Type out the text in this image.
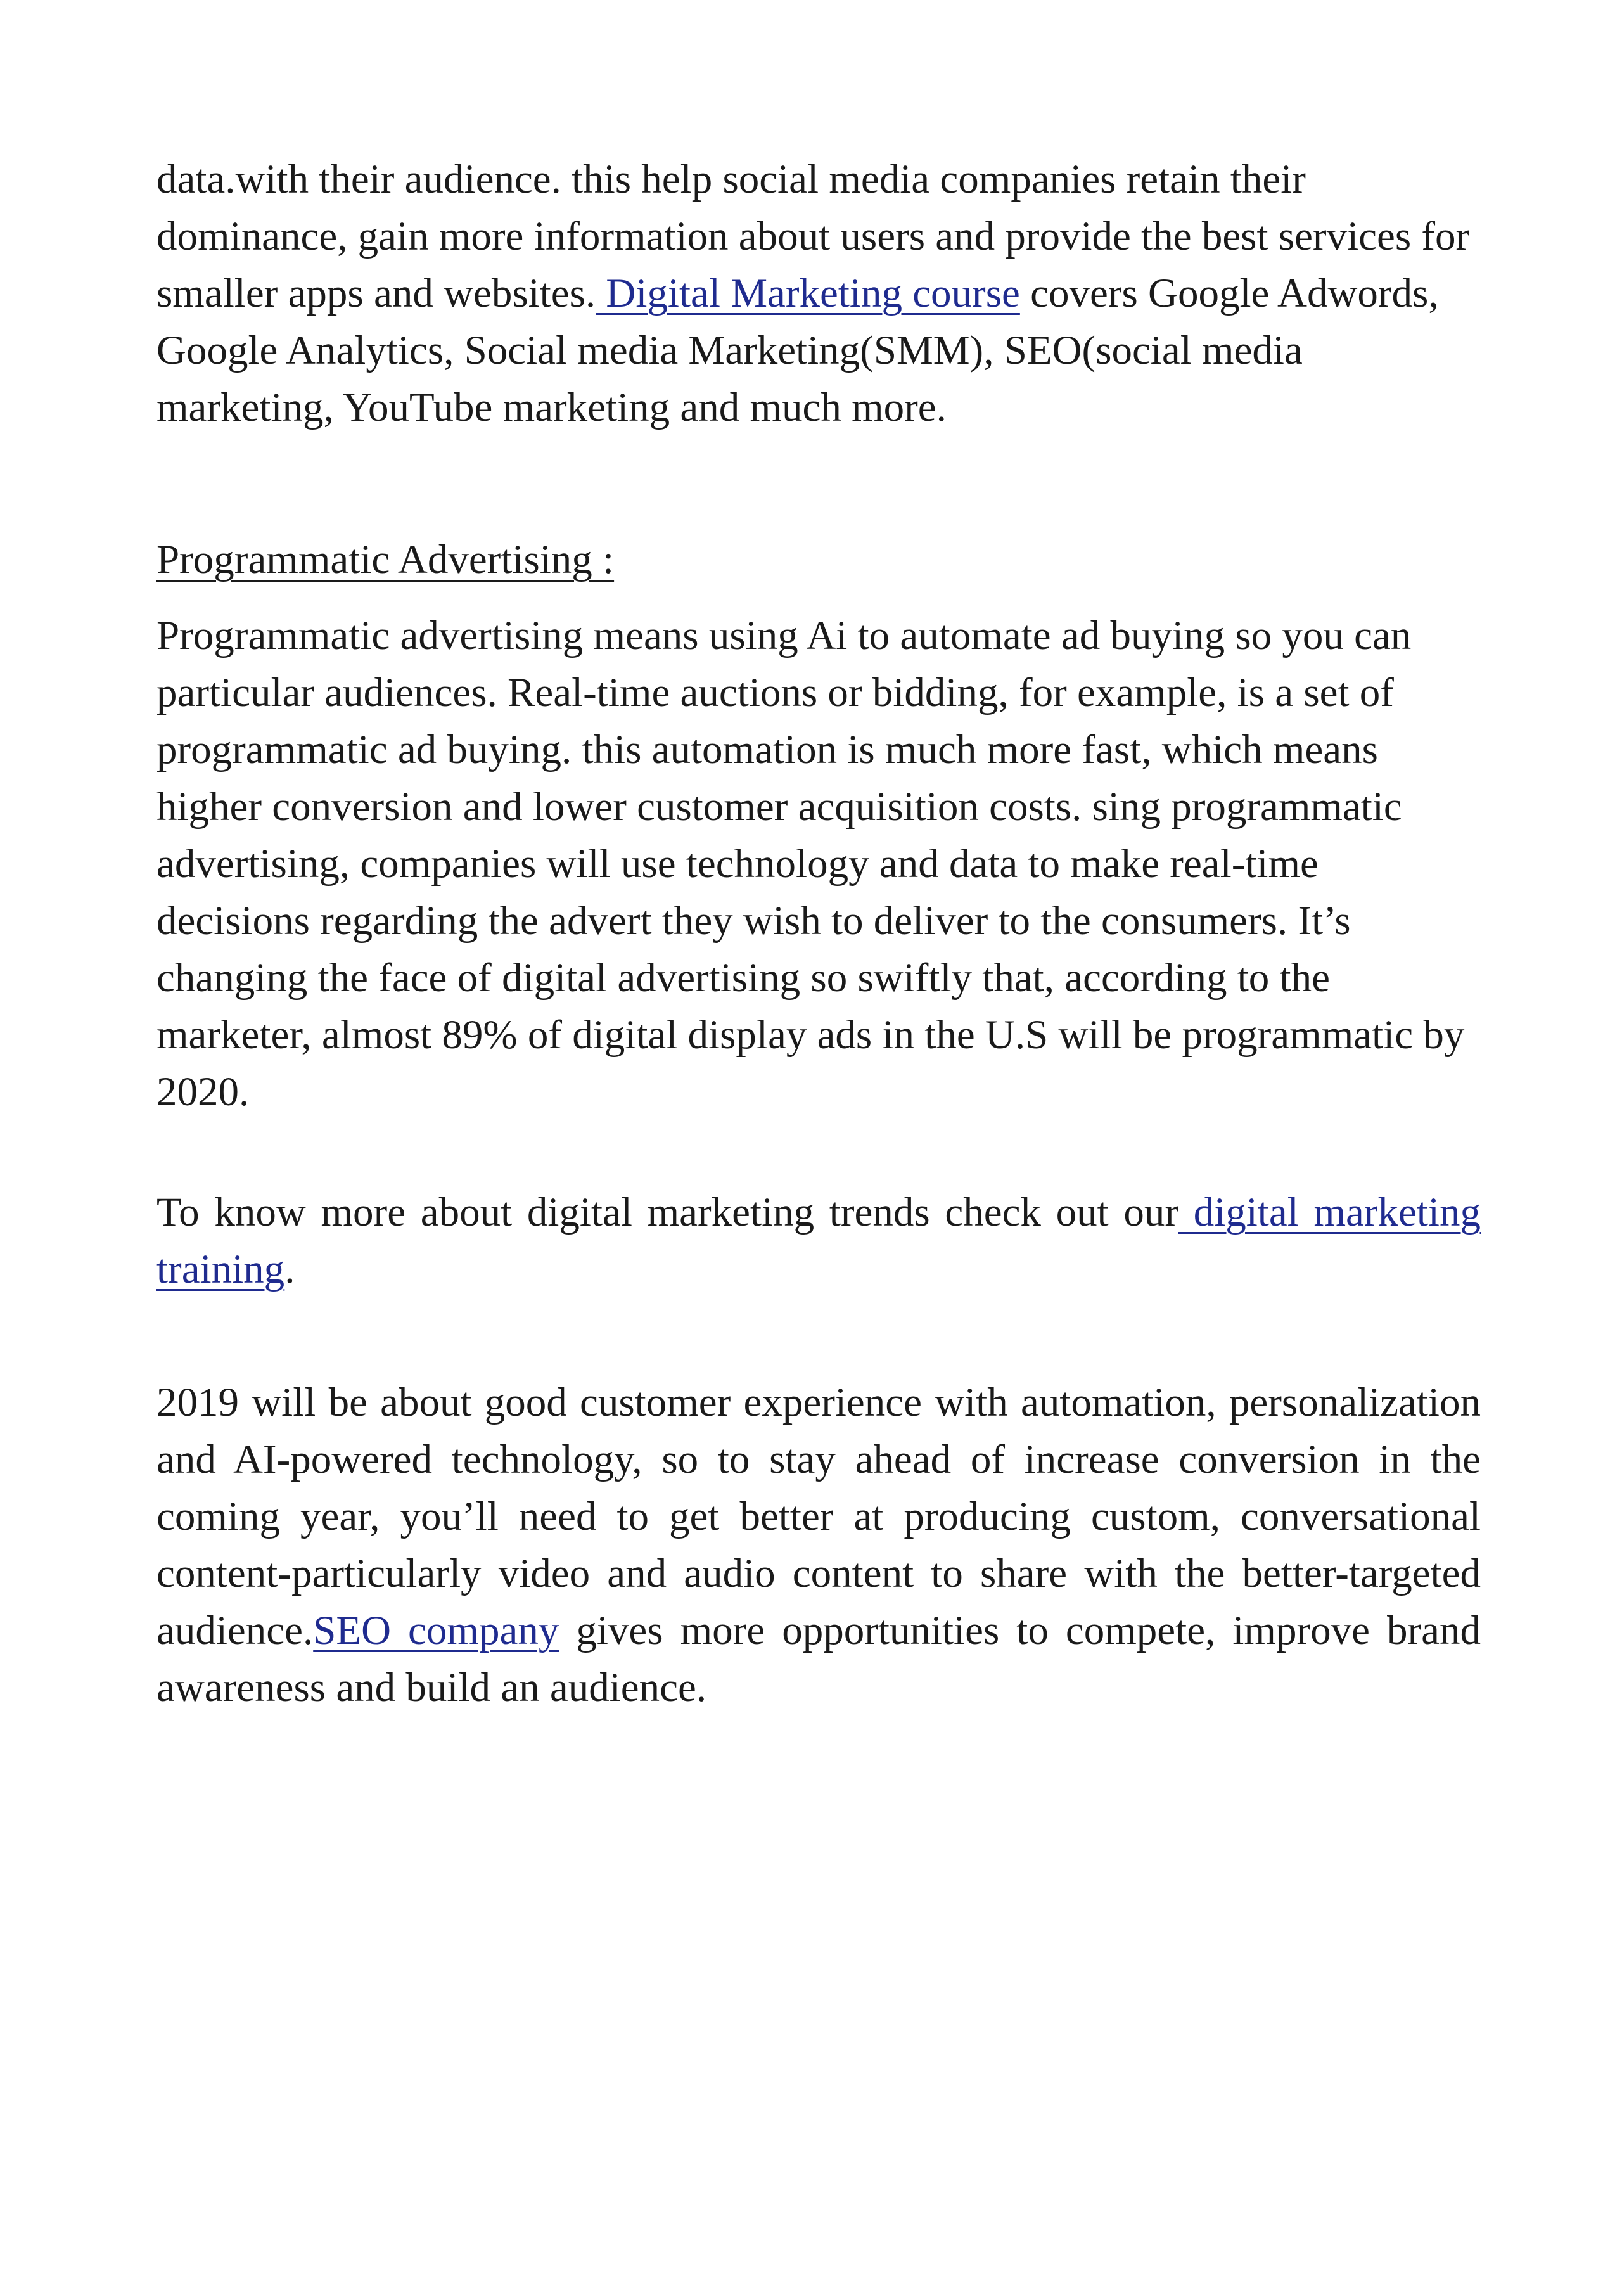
data.with their audience. this help social media companies retain their dominance, gain more information about users and provide the best services for smaller apps and websites. Digital Marketing course covers Google Adwords, Google Analytics, Social media Marketing(SMM), SEO(social media marketing, YouTube marketing and much more.

Programmatic Advertising :

Programmatic advertising means using Ai to automate ad buying so you can particular audiences. Real-time auctions or bidding, for example, is a set of programmatic ad buying. this automation is much more fast, which means higher conversion and lower customer acquisition costs. sing programmatic advertising, companies will use technology and data to make real-time decisions regarding the advert they wish to deliver to the consumers. It’s changing the face of digital advertising so swiftly that, according to the marketer, almost 89% of digital display ads in the U.S will be programmatic by 2020.

To know more about digital marketing trends check out our digital marketing training.

2019 will be about good customer experience with automation, personalization and AI-powered technology, so to stay ahead of increase conversion in the coming year, you’ll need to get better at producing custom, conversational content-particularly video and audio content to share with the better-targeted audience.SEO company gives more opportunities to compete, improve brand awareness and build an audience.
